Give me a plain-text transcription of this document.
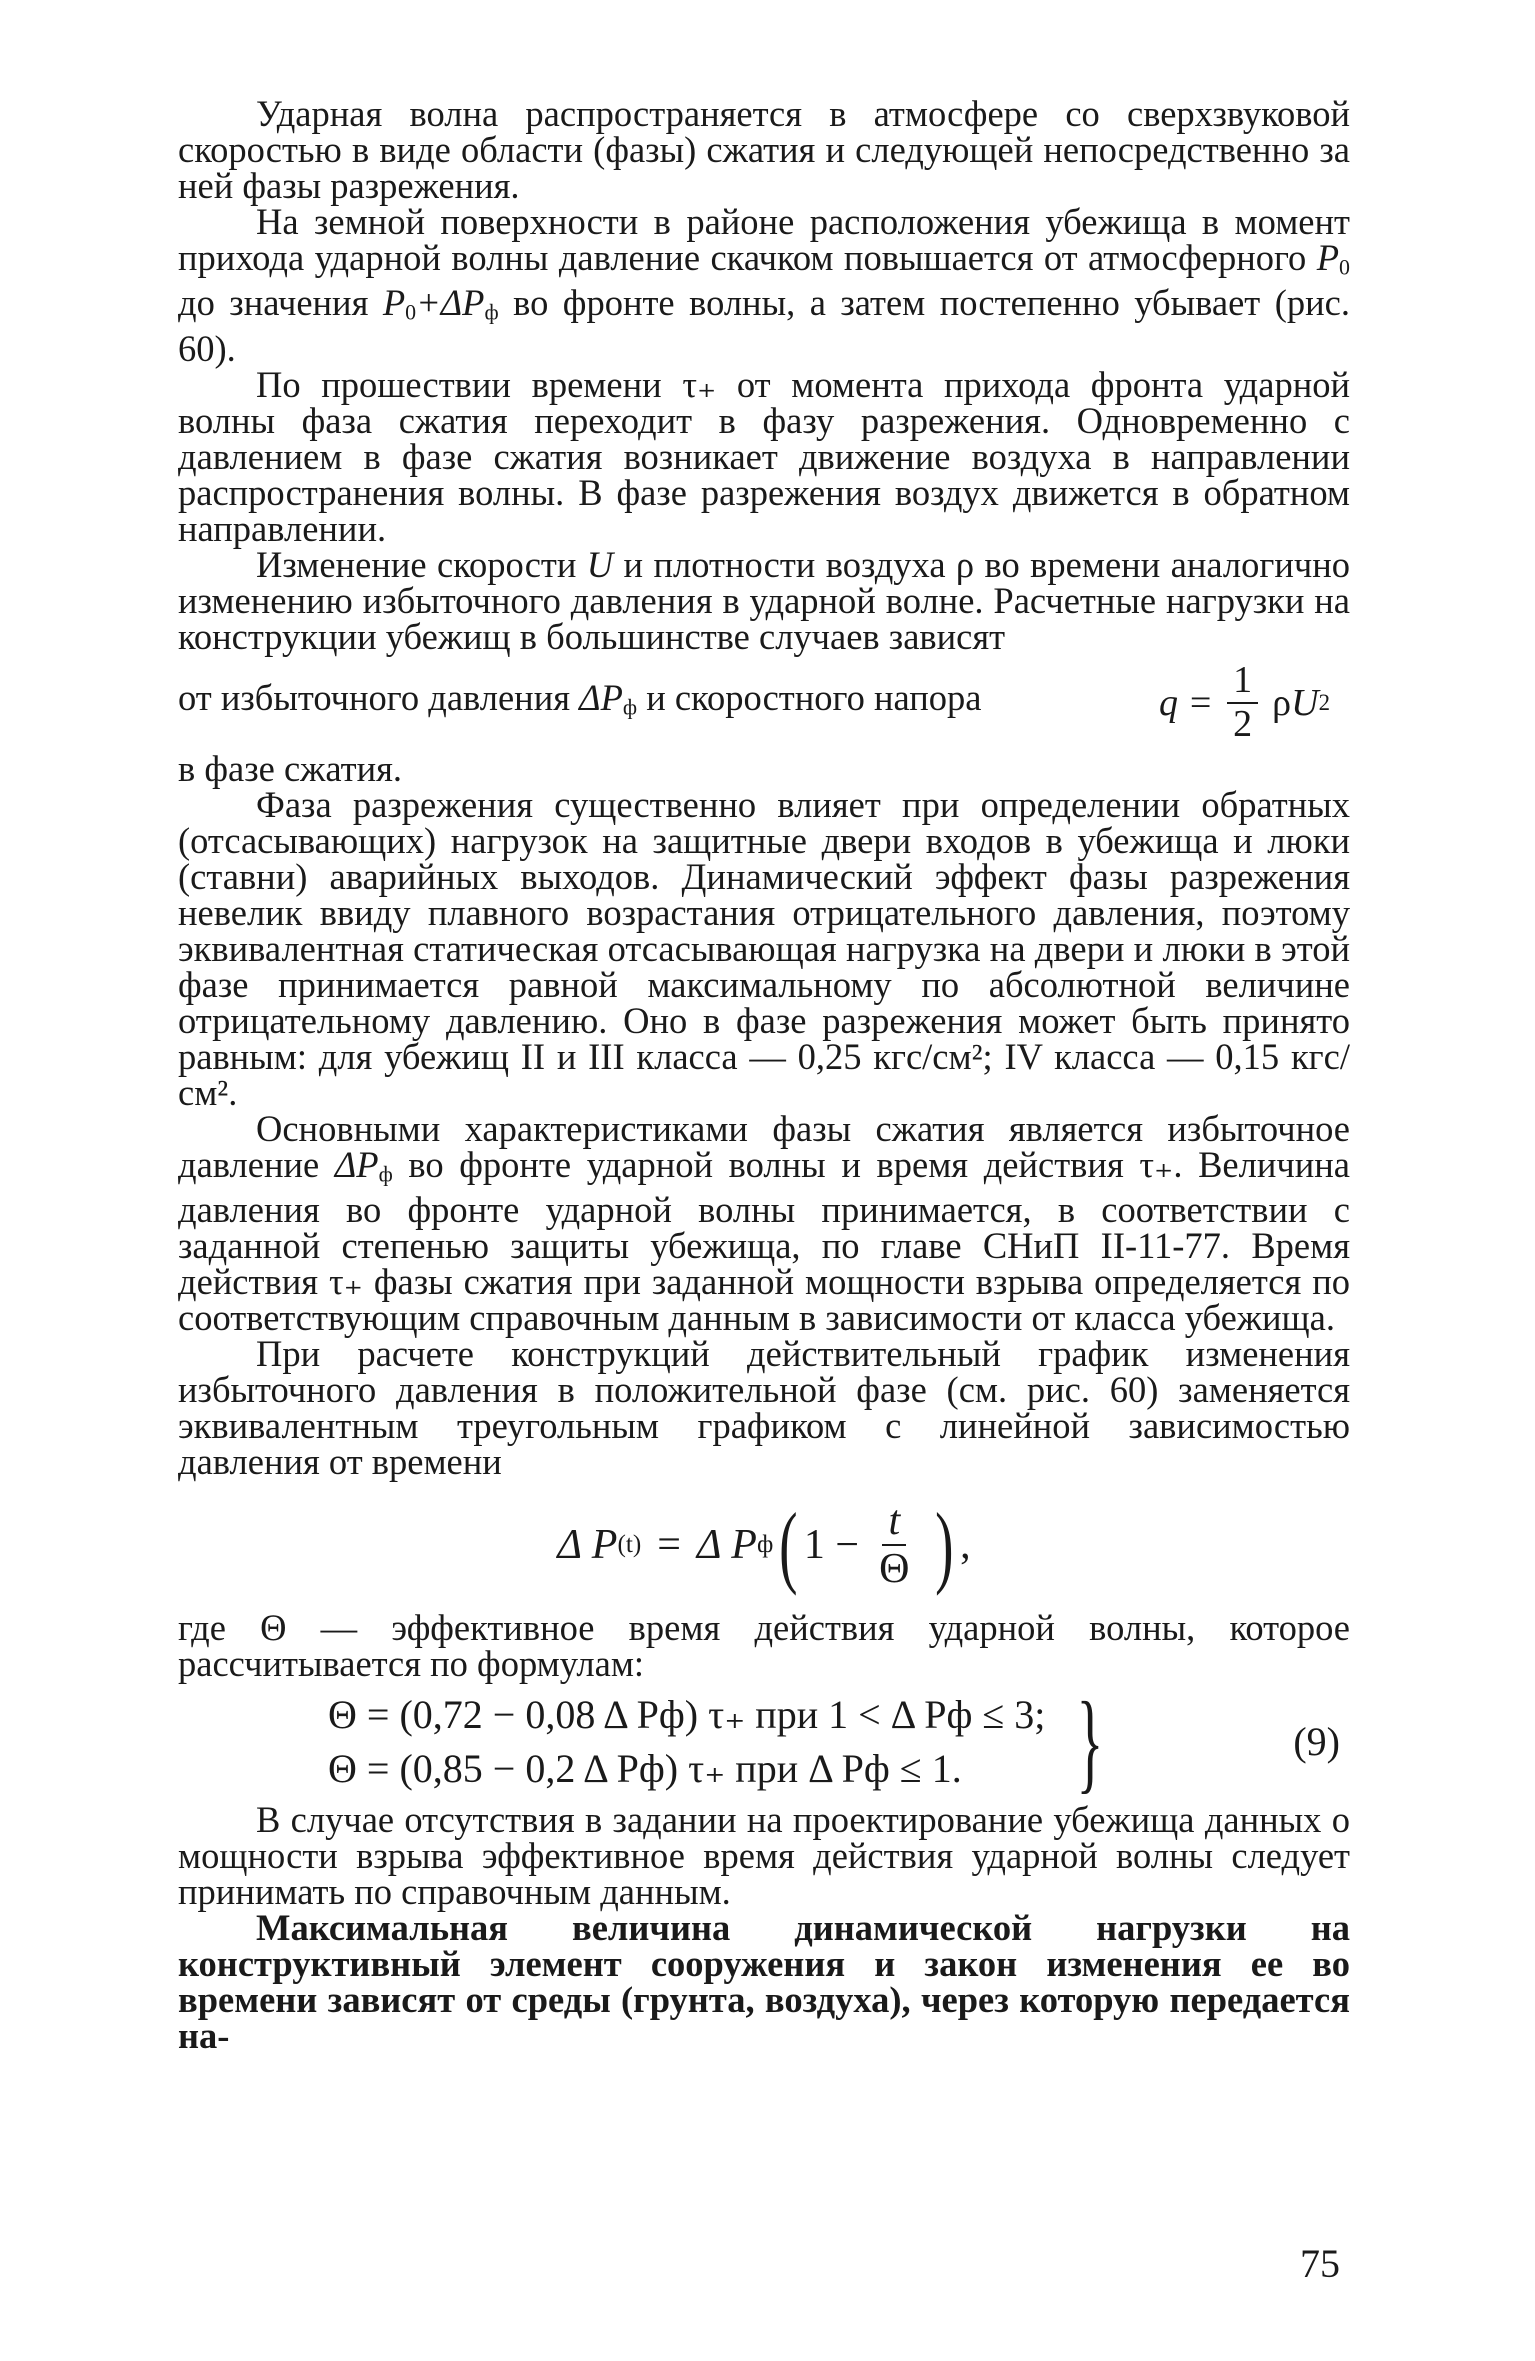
Ударная волна распространяется в атмосфере со сверхзвуковой скоростью в виде области (фазы) сжатия и следующей непосредственно за ней фазы разрежения.

На земной поверхности в районе расположения убежища в момент прихода ударной волны давление скачком повышается от атмосферного $P_0$ до значения $P_0+\Delta P_ф$ во фронте волны, а затем постепенно убывает (рис. 60).

По прошествии времени τ₊ от момента прихода фронта ударной волны фаза сжатия переходит в фазу разрежения. Одновременно с давлением в фазе сжатия возникает движение воздуха в направлении распространения волны. В фазе разрежения воздух движется в обратном направлении.

Изменение скорости U и плотности воздуха ρ во времени аналогично изменению избыточного давления в ударной волне. Расчетные нагрузки на конструкции убежищ в большинстве случаев зависят

от избыточного давления $\Delta P_ф$ и скоростного напора	$q = \frac{1}{2}$ ρ U 2

в фазе сжатия.

Фаза разрежения существенно влияет при определении обратных (отсасывающих) нагрузок на защитные двери входов в убежища и люки (ставни) аварийных выходов. Динамический эффект фазы разрежения невелик ввиду плавного возрастания отрицательного давления, поэтому эквивалентная статическая отсасывающая нагрузка на двери и люки в этой фазе принимается равной максимальному по абсолютной величине отрицательному давлению. Оно в фазе разрежения может быть принято равным: для убежищ II и III класса — 0,25 кгс/см²; IV класса — 0,15 кгс/см².

Основными характеристиками фазы сжатия является избыточное давление $\Delta P_ф$ во фронте ударной волны и время действия τ₊. Величина давления во фронте ударной волны принимается, в соответствии с заданной степенью защиты убежища, по главе СНиП II-11-77. Время действия τ₊ фазы сжатия при заданной мощности взрыва определяется по соответствующим справочным данным в зависимости от класса убежища.

При расчете конструкций действительный график изменения избыточного давления в положительной фазе (см. рис. 60) заменяется эквивалентным треугольным графиком с линейной зависимостью давления от времени

Δ P (t) = Δ P ф ( $1 - \frac{t}{\Theta}$ ) ,

где Θ — эффективное время действия ударной волны, которое рассчитывается по формулам:

Θ = (0,72 − 0,08 Δ Pф) τ₊ при 1 < Δ Pф ≤ 3;
Θ = (0,85 − 0,2 Δ Pф) τ₊ при Δ Pф ≤ 1.	}	(9)

В случае отсутствия в задании на проектирование убежища данных о мощности взрыва эффективное время действия ударной волны следует принимать по справочным данным.

Максимальная величина динамической нагрузки на конструктивный элемент сооружения и закон изменения ее во времени зависят от среды (грунта, воздуха), через которую передается на-

75
